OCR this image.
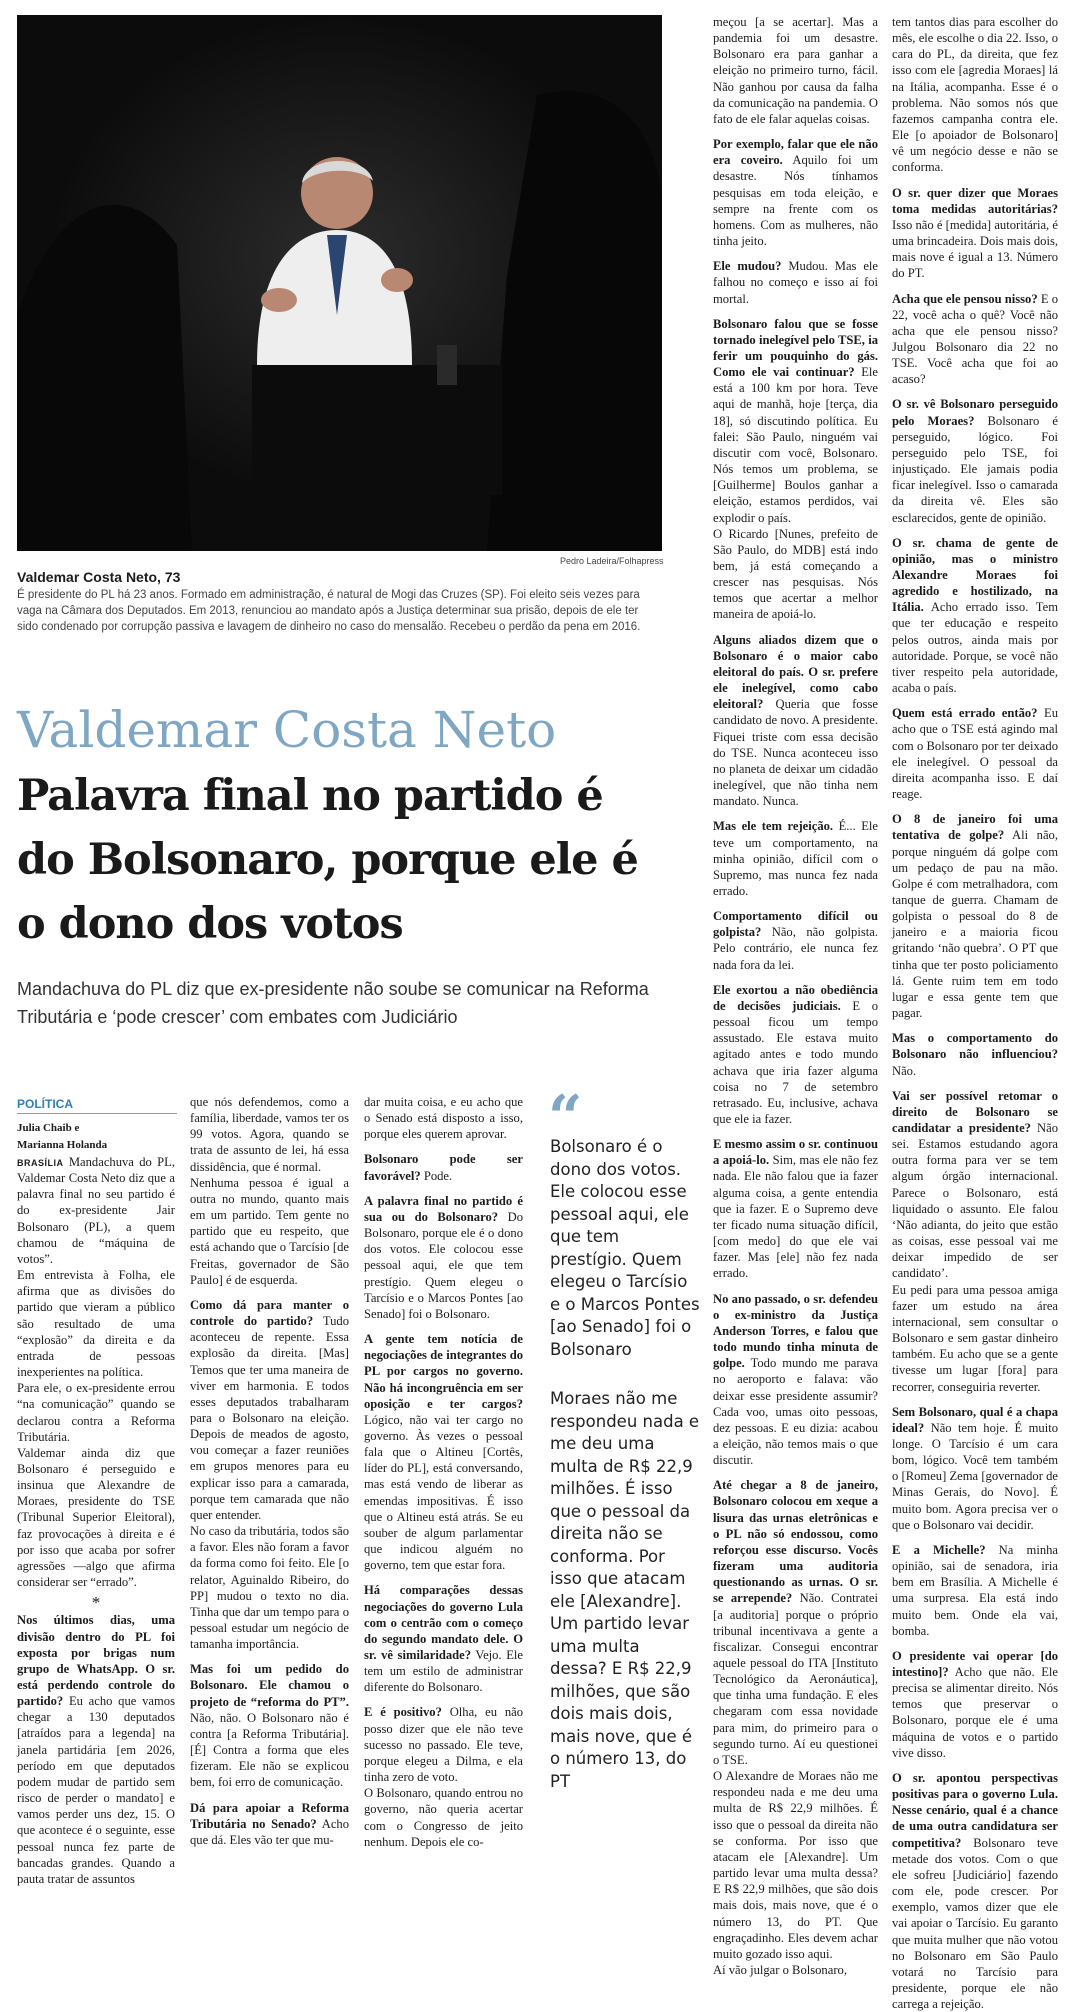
Pedro Ladeira/Folhapress
Valdemar Costa Neto, 73
É presidente do PL há 23 anos. Formado em administração, é natural de Mogi das Cruzes (SP). Foi eleito seis vezes para vaga na Câmara dos Deputados. Em 2013, renunciou ao mandato após a Justiça determinar sua prisão, depois de ele ter sido condenado por corrupção passiva e lavagem de dinheiro no caso do mensalão. Recebeu o perdão da pena em 2016.
Valdemar Costa Neto
Palavra final no partido é do Bolsonaro, porque ele é o dono dos votos
Mandachuva do PL diz que ex-presidente não soube se comunicar na Reforma Tributária e ‘pode crescer’ com embates com Judiciário
POLÍTICA
Julia Chaib e
Marianna Holanda

BRASÍLIA Mandachuva do PL, Valdemar Costa Neto diz que a palavra final no seu partido é do ex-presidente Jair Bolsonaro (PL), a quem chamou de “máquina de votos”.

Em entrevista à Folha, ele afirma que as divisões do partido que vieram a público são resultado de uma “explosão” da direita e da entrada de pessoas inexperientes na política.

Para ele, o ex-presidente errou “na comunicação” quando se declarou contra a Reforma Tributária.

Valdemar ainda diz que Bolsonaro é perseguido e insinua que Alexandre de Moraes, presidente do TSE (Tribunal Superior Eleitoral), faz provocações à direita e é por isso que acaba por sofrer agressões —algo que afirma considerar ser “errado”.

*

Nos últimos dias, uma divisão dentro do PL foi exposta por brigas num grupo de WhatsApp. O sr. está perdendo controle do partido? Eu acho que vamos chegar a 130 deputados [atraídos para a legenda] na janela partidária [em 2026, período em que deputados podem mudar de partido sem risco de perder o mandato] e vamos perder uns dez, 15. O que acontece é o seguinte, esse pessoal nunca fez parte de bancadas grandes. Quando a pauta tratar de assuntos

que nós defendemos, como a família, liberdade, vamos ter os 99 votos. Agora, quando se trata de assunto de lei, há essa dissidência, que é normal.

Nenhuma pessoa é igual a outra no mundo, quanto mais em um partido. Tem gente no partido que eu respeito, que está achando que o Tarcísio [de Freitas, governador de São Paulo] é de esquerda.

Como dá para manter o controle do partido? Tudo aconteceu de repente. Essa explosão da direita. [Mas] Temos que ter uma maneira de viver em harmonia. E todos esses deputados trabalharam para o Bolsonaro na eleição. Depois de meados de agosto, vou começar a fazer reuniões em grupos menores para eu explicar isso para a camarada, porque tem camarada que não quer entender.

No caso da tributária, todos são a favor. Eles não foram a favor da forma como foi feito. Ele [o relator, Aguinaldo Ribeiro, do PP] mudou o texto no dia. Tinha que dar um tempo para o pessoal estudar um negócio de tamanha importância.

Mas foi um pedido do Bolsonaro. Ele chamou o projeto de “reforma do PT”. Não, não. O Bolsonaro não é contra [a Reforma Tributária]. [É] Contra a forma que eles fizeram. Ele não se explicou bem, foi erro de comunicação.

Dá para apoiar a Reforma Tributária no Senado? Acho que dá. Eles vão ter que mu-

dar muita coisa, e eu acho que o Senado está disposto a isso, porque eles querem aprovar.

Bolsonaro pode ser favorável? Pode.

A palavra final no partido é sua ou do Bolsonaro? Do Bolsonaro, porque ele é o dono dos votos. Ele colocou esse pessoal aqui, ele que tem prestígio. Quem elegeu o Tarcísio e o Marcos Pontes [ao Senado] foi o Bolsonaro.

A gente tem notícia de negociações de integrantes do PL por cargos no governo. Não há incongruência em ser oposição e ter cargos? Lógico, não vai ter cargo no governo. Às vezes o pessoal fala que o Altineu [Cortês, líder do PL], está conversando, mas está vendo de liberar as emendas impositivas. É isso que o Altineu está atrás. Se eu souber de algum parlamentar que indicou alguém no governo, tem que estar fora.

Há comparações dessas negociações do governo Lula com o centrão com o começo do segundo mandato dele. O sr. vê similaridade? Vejo. Ele tem um estilo de administrar diferente do Bolsonaro.

E é positivo? Olha, eu não posso dizer que ele não teve sucesso no passado. Ele teve, porque elegeu a Dilma, e ela tinha zero de voto.

O Bolsonaro, quando entrou no governo, não queria acertar com o Congresso de jeito nenhum. Depois ele co-

“
Bolsonaro é o dono dos votos. Ele colocou esse pessoal aqui, ele que tem prestígio. Quem elegeu o Tarcísio e o Marcos Pontes [ao Senado] foi o Bolsonaro
Moraes não me respondeu nada e me deu uma multa de R$ 22,9 milhões. É isso que o pessoal da direita não se conforma. Por isso que atacam ele [Alexandre]. Um partido levar uma multa dessa? E R$ 22,9 milhões, que são dois mais dois, mais nove, que é o número 13, do PT

meçou [a se acertar]. Mas a pandemia foi um desastre. Bolsonaro era para ganhar a eleição no primeiro turno, fácil. Não ganhou por causa da falha da comunicação na pandemia. O fato de ele falar aquelas coisas.

Por exemplo, falar que ele não era coveiro. Aquilo foi um desastre. Nós tínhamos pesquisas em toda eleição, e sempre na frente com os homens. Com as mulheres, não tinha jeito.

Ele mudou? Mudou. Mas ele falhou no começo e isso aí foi mortal.

Bolsonaro falou que se fosse tornado inelegível pelo TSE, ia ferir um pouquinho do gás. Como ele vai continuar? Ele está a 100 km por hora. Teve aqui de manhã, hoje [terça, dia 18], só discutindo política. Eu falei: São Paulo, ninguém vai discutir com você, Bolsonaro. Nós temos um problema, se [Guilherme] Boulos ganhar a eleição, estamos perdidos, vai explodir o país.

O Ricardo [Nunes, prefeito de São Paulo, do MDB] está indo bem, já está começando a crescer nas pesquisas. Nós temos que acertar a melhor maneira de apoiá-lo.

Alguns aliados dizem que o Bolsonaro é o maior cabo eleitoral do país. O sr. prefere ele inelegível, como cabo eleitoral? Queria que fosse candidato de novo. A presidente. Fiquei triste com essa decisão do TSE. Nunca aconteceu isso no planeta de deixar um cidadão inelegível, que não tinha nem mandato. Nunca.

Mas ele tem rejeição. É... Ele teve um comportamento, na minha opinião, difícil com o Supremo, mas nunca fez nada errado.

Comportamento difícil ou golpista? Não, não golpista. Pelo contrário, ele nunca fez nada fora da lei.

Ele exortou a não obediência de decisões judiciais. E o pessoal ficou um tempo assustado. Ele estava muito agitado antes e todo mundo achava que iria fazer alguma coisa no 7 de setembro retrasado. Eu, inclusive, achava que ele ia fazer.

E mesmo assim o sr. continuou a apoiá-lo. Sim, mas ele não fez nada. Ele não falou que ia fazer alguma coisa, a gente entendia que ia fazer. E o Supremo deve ter ficado numa situação difícil, [com medo] do que ele vai fazer. Mas [ele] não fez nada errado.

No ano passado, o sr. defendeu o ex-ministro da Justiça Anderson Torres, e falou que todo mundo tinha minuta de golpe. Todo mundo me parava no aeroporto e falava: vão deixar esse presidente assumir? Cada voo, umas oito pessoas, dez pessoas. E eu dizia: acabou a eleição, não temos mais o que discutir.

Até chegar a 8 de janeiro, Bolsonaro colocou em xeque a lisura das urnas eletrônicas e o PL não só endossou, como reforçou esse discurso. Vocês fizeram uma auditoria questionando as urnas. O sr. se arrepende? Não. Contratei [a auditoria] porque o próprio tribunal incentivava a gente a fiscalizar. Consegui encontrar aquele pessoal do ITA [Instituto Tecnológico da Aeronáutica], que tinha uma fundação. E eles chegaram com essa novidade para mim, do primeiro para o segundo turno. Aí eu questionei o TSE.

O Alexandre de Moraes não me respondeu nada e me deu uma multa de R$ 22,9 milhões. É isso que o pessoal da direita não se conforma. Por isso que atacam ele [Alexandre]. Um partido levar uma multa dessa? E R$ 22,9 milhões, que são dois mais dois, mais nove, que é o número 13, do PT. Que engraçadinho. Eles devem achar muito gozado isso aqui.

Aí vão julgar o Bolsonaro,

tem tantos dias para escolher do mês, ele escolhe o dia 22. Isso, o cara do PL, da direita, que fez isso com ele [agredia Moraes] lá na Itália, acompanha. Esse é o problema. Não somos nós que fazemos campanha contra ele. Ele [o apoiador de Bolsonaro] vê um negócio desse e não se conforma.

O sr. quer dizer que Moraes toma medidas autoritárias? Isso não é [medida] autoritária, é uma brincadeira. Dois mais dois, mais nove é igual a 13. Número do PT.

Acha que ele pensou nisso? E o 22, você acha o quê? Você não acha que ele pensou nisso? Julgou Bolsonaro dia 22 no TSE. Você acha que foi ao acaso?

O sr. vê Bolsonaro perseguido pelo Moraes? Bolsonaro é perseguido, lógico. Foi perseguido pelo TSE, foi injustiçado. Ele jamais podia ficar inelegível. Isso o camarada da direita vê. Eles são esclarecidos, gente de opinião.

O sr. chama de gente de opinião, mas o ministro Alexandre Moraes foi agredido e hostilizado, na Itália. Acho errado isso. Tem que ter educação e respeito pelos outros, ainda mais por autoridade. Porque, se você não tiver respeito pela autoridade, acaba o país.

Quem está errado então? Eu acho que o TSE está agindo mal com o Bolsonaro por ter deixado ele inelegível. O pessoal da direita acompanha isso. E daí reage.

O 8 de janeiro foi uma tentativa de golpe? Ali não, porque ninguém dá golpe com um pedaço de pau na mão. Golpe é com metralhadora, com tanque de guerra. Chamam de golpista o pessoal do 8 de janeiro e a maioria ficou gritando ‘não quebra’. O PT que tinha que ter posto policiamento lá. Gente ruim tem em todo lugar e essa gente tem que pagar.

Mas o comportamento do Bolsonaro não influenciou? Não.

Vai ser possível retomar o direito de Bolsonaro se candidatar a presidente? Não sei. Estamos estudando agora outra forma para ver se tem algum órgão internacional. Parece o Bolsonaro, está liquidado o assunto. Ele falou ‘Não adianta, do jeito que estão as coisas, esse pessoal vai me deixar impedido de ser candidato’.

Eu pedi para uma pessoa amiga fazer um estudo na área internacional, sem consultar o Bolsonaro e sem gastar dinheiro também. Eu acho que se a gente tivesse um lugar [fora] para recorrer, conseguiria reverter.

Sem Bolsonaro, qual é a chapa ideal? Não tem hoje. É muito longe. O Tarcísio é um cara bom, lógico. Você tem também o [Romeu] Zema [governador de Minas Gerais, do Novo]. É muito bom. Agora precisa ver o que o Bolsonaro vai decidir.

E a Michelle? Na minha opinião, sai de senadora, iria bem em Brasília. A Michelle é uma surpresa. Ela está indo muito bem. Onde ela vai, bomba.

O presidente vai operar [do intestino]? Acho que não. Ele precisa se alimentar direito. Nós temos que preservar o Bolsonaro, porque ele é uma máquina de votos e o partido vive disso.

O sr. apontou perspectivas positivas para o governo Lula. Nesse cenário, qual é a chance de uma outra candidatura ser competitiva? Bolsonaro teve metade dos votos. Com o que ele sofreu [Judiciário] fazendo com ele, pode crescer. Por exemplo, vamos dizer que ele vai apoiar o Tarcísio. Eu garanto que muita mulher que não votou no Bolsonaro em São Paulo votará no Tarcísio para presidente, porque ele não carrega a rejeição.
